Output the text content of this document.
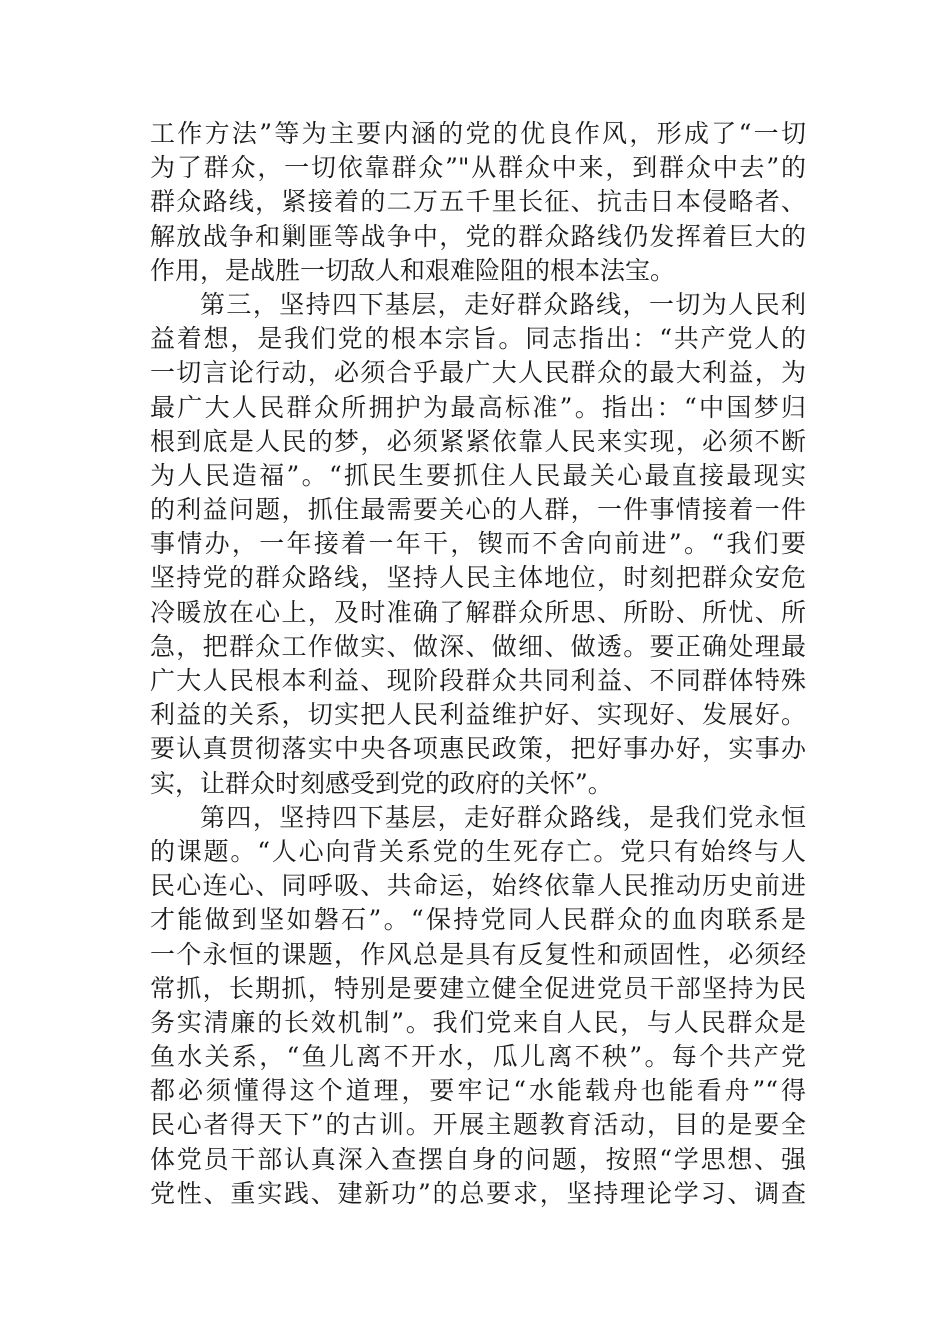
工作方法”等为主要内涵的党的优良作风，形成了“一切
为了群众，一切依靠群众”"从群众中来，到群众中去”的
群众路线，紧接着的二万五千里长征、抗击日本侵略者、
解放战争和剿匪等战争中，党的群众路线仍发挥着巨大的
作用，是战胜一切敌人和艰难险阻的根本法宝。
第三，坚持四下基层，走好群众路线，一切为人民利
益着想，是我们党的根本宗旨。同志指出：“共产党人的
一切言论行动，必须合乎最广大人民群众的最大利益，为
最广大人民群众所拥护为最高标准”。指出：“中国梦归
根到底是人民的梦，必须紧紧依靠人民来实现，必须不断
为人民造福”。“抓民生要抓住人民最关心最直接最现实
的利益问题，抓住最需要关心的人群，一件事情接着一件
事情办，一年接着一年干，锲而不舍向前进”。“我们要
坚持党的群众路线，坚持人民主体地位，时刻把群众安危
冷暖放在心上，及时准确了解群众所思、所盼、所忧、所
急，把群众工作做实、做深、做细、做透。要正确处理最
广大人民根本利益、现阶段群众共同利益、不同群体特殊
利益的关系，切实把人民利益维护好、实现好、发展好。
要认真贯彻落实中央各项惠民政策，把好事办好，实事办
实，让群众时刻感受到党的政府的关怀”。
第四，坚持四下基层，走好群众路线，是我们党永恒
的课题。“人心向背关系党的生死存亡。党只有始终与人
民心连心、同呼吸、共命运，始终依靠人民推动历史前进
才能做到坚如磐石”。“保持党同人民群众的血肉联系是
一个永恒的课题，作风总是具有反复性和顽固性，必须经
常抓，长期抓，特别是要建立健全促进党员干部坚持为民
务实清廉的长效机制”。我们党来自人民，与人民群众是
鱼水关系，“鱼儿离不开水，瓜儿离不秧”。每个共产党
都必须懂得这个道理，要牢记“水能载舟也能看舟”“得
民心者得天下”的古训。开展主题教育活动，目的是要全
体党员干部认真深入查摆自身的问题，按照“学思想、强
党性、重实践、建新功”的总要求，坚持理论学习、调查
